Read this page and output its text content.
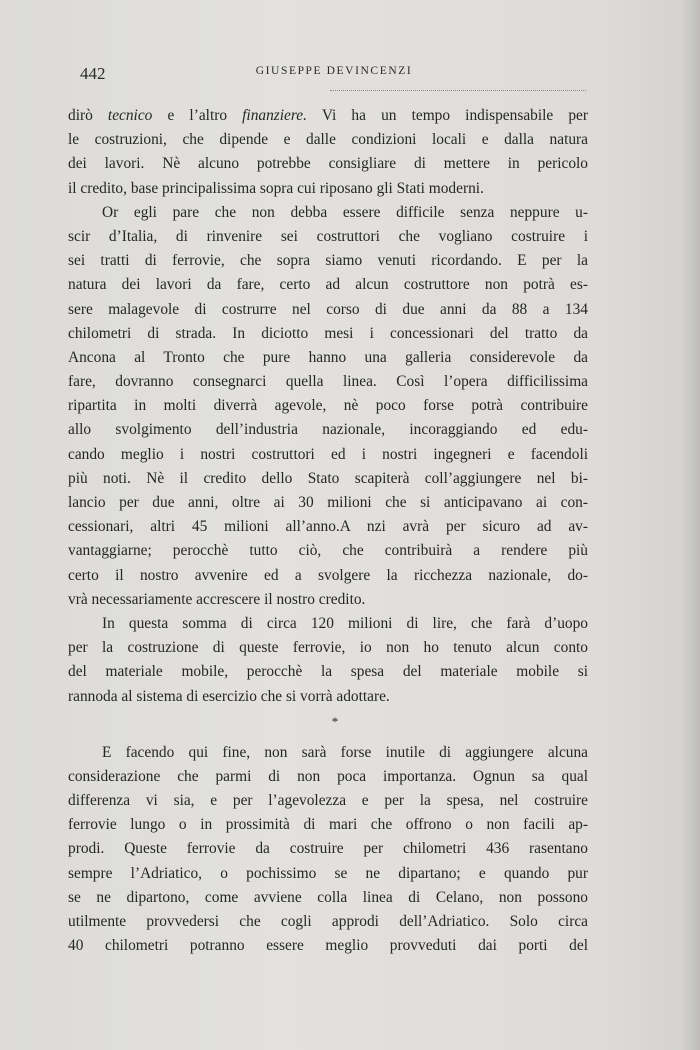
442	GIUSEPPE DEVINCENZI
dirò tecnico e l’altro finanziere. Vi ha un tempo indispensabile per
le costruzioni, che dipende e dalle condizioni locali e dalla natura
dei lavori. Nè alcuno potrebbe consigliare di mettere in pericolo
il credito, base principalissima sopra cui riposano gli Stati moderni.
Or egli pare che non debba essere difficile senza neppure u-
scir d’Italia, di rinvenire sei costruttori che vogliano costruire i
sei tratti di ferrovie, che sopra siamo venuti ricordando. E per la
natura dei lavori da fare, certo ad alcun costruttore non potrà es-
sere malagevole di costrurre nel corso di due anni da 88 a 134
chilometri di strada. In diciotto mesi i concessionari del tratto da
Ancona al Tronto che pure hanno una galleria considerevole da
fare, dovranno consegnarci quella linea. Così l’opera difficilissima
ripartita in molti diverrà agevole, nè poco forse potrà contribuire
allo svolgimento dell’industria nazionale, incoraggiando ed edu-
cando meglio i nostri costruttori ed i nostri ingegneri e facendoli
più noti. Nè il credito dello Stato scapiterà coll’aggiungere nel bi-
lancio per due anni, oltre ai 30 milioni che si anticipavano ai con-
cessionari, altri 45 milioni all’anno.A nzi avrà per sicuro ad av-
vantaggiarne; perocchè tutto ciò, che contribuirà a rendere più
certo il nostro avvenire ed a svolgere la ricchezza nazionale, do-
vrà necessariamente accrescere il nostro credito.
In questa somma di circa 120 milioni di lire, che farà d’uopo
per la costruzione di queste ferrovie, io non ho tenuto alcun conto
del materiale mobile, perocchè la spesa del materiale mobile si
rannoda al sistema di esercizio che si vorrà adottare.
*
E facendo qui fine, non sarà forse inutile di aggiungere alcuna
considerazione che parmi di non poca importanza. Ognun sa qual
differenza vi sia, e per l’agevolezza e per la spesa, nel costruire
ferrovie lungo o in prossimità di mari che offrono o non facili ap-
prodi. Queste ferrovie da costruire per chilometri 436 rasentano
sempre l’Adriatico, o pochissimo se ne dipartano; e quando pur
se ne dipartono, come avviene colla linea di Celano, non possono
utilmente provvedersi che cogli approdi dell’Adriatico. Solo circa
40 chilometri potranno essere meglio provveduti dai porti del
